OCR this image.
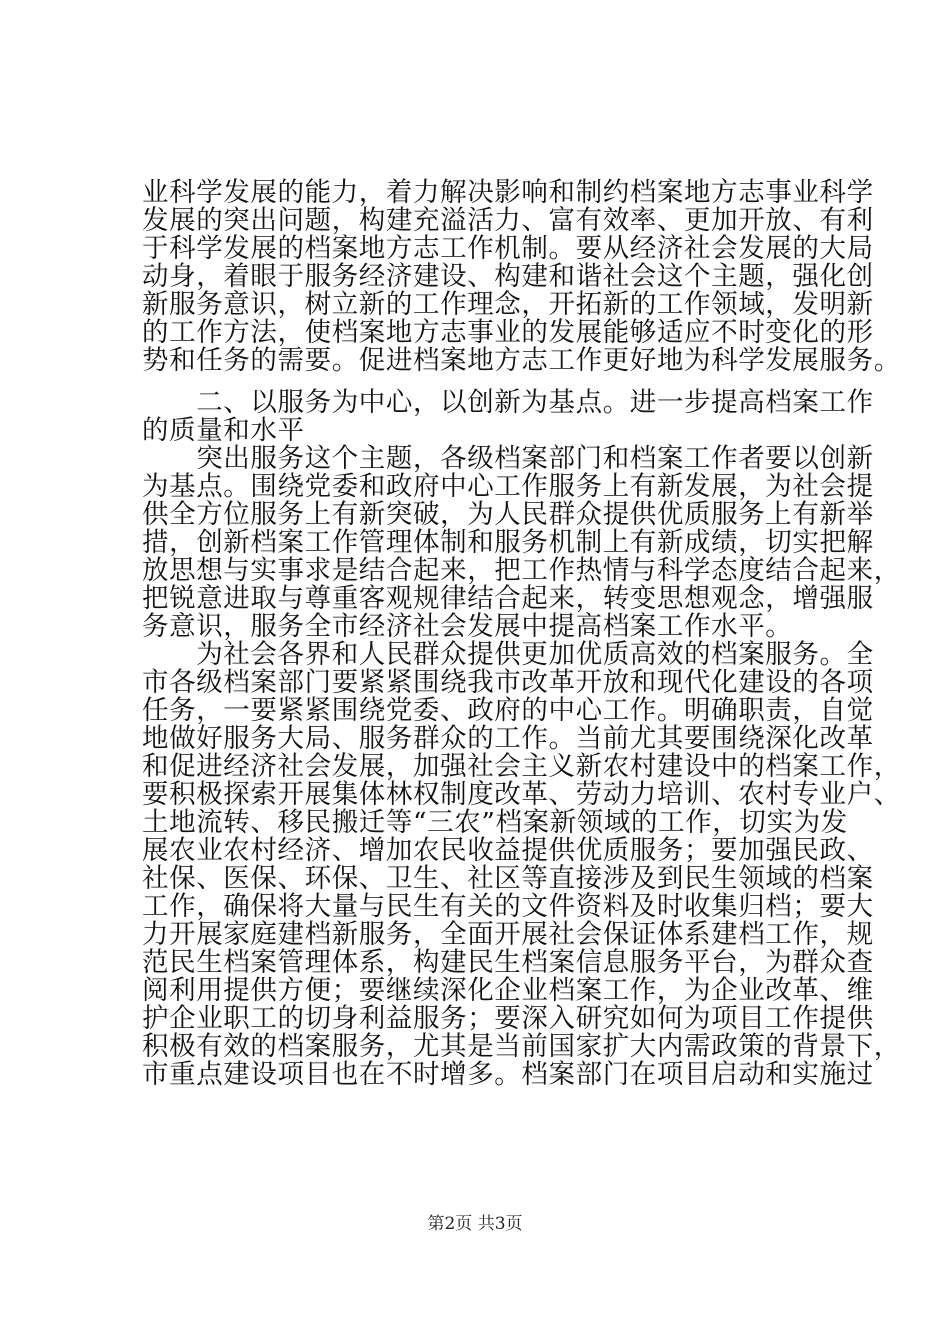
业科学发展的能力，着力解决影响和制约档案地方志事业科学
发展的突出问题，构建充溢活力、富有效率、更加开放、有利
于科学发展的档案地方志工作机制。要从经济社会发展的大局
动身，着眼于服务经济建设、构建和谐社会这个主题，强化创
新服务意识，树立新的工作理念，开拓新的工作领域，发明新
的工作方法，使档案地方志事业的发展能够适应不时变化的形
势和任务的需要。促进档案地方志工作更好地为科学发展服务。
　　二、以服务为中心，以创新为基点。进一步提高档案工作
的质量和水平
　　突出服务这个主题，各级档案部门和档案工作者要以创新
为基点。围绕党委和政府中心工作服务上有新发展，为社会提
供全方位服务上有新突破，为人民群众提供优质服务上有新举
措，创新档案工作管理体制和服务机制上有新成绩，切实把解
放思想与实事求是结合起来，把工作热情与科学态度结合起来，
把锐意进取与尊重客观规律结合起来，转变思想观念，增强服
务意识，服务全市经济社会发展中提高档案工作水平。
　　为社会各界和人民群众提供更加优质高效的档案服务。全
市各级档案部门要紧紧围绕我市改革开放和现代化建设的各项
任务，一要紧紧围绕党委、政府的中心工作。明确职责，自觉
地做好服务大局、服务群众的工作。当前尤其要围绕深化改革
和促进经济社会发展，加强社会主义新农村建设中的档案工作，
要积极探索开展集体林权制度改革、劳动力培训、农村专业户、
土地流转、移民搬迁等“三农”档案新领域的工作，切实为发
展农业农村经济、增加农民收益提供优质服务；要加强民政、
社保、医保、环保、卫生、社区等直接涉及到民生领域的档案
工作，确保将大量与民生有关的文件资料及时收集归档；要大
力开展家庭建档新服务，全面开展社会保证体系建档工作，规
范民生档案管理体系，构建民生档案信息服务平台，为群众查
阅利用提供方便；要继续深化企业档案工作，为企业改革、维
护企业职工的切身利益服务；要深入研究如何为项目工作提供
积极有效的档案服务，尤其是当前国家扩大内需政策的背景下，
市重点建设项目也在不时增多。档案部门在项目启动和实施过
第2页 共3页
